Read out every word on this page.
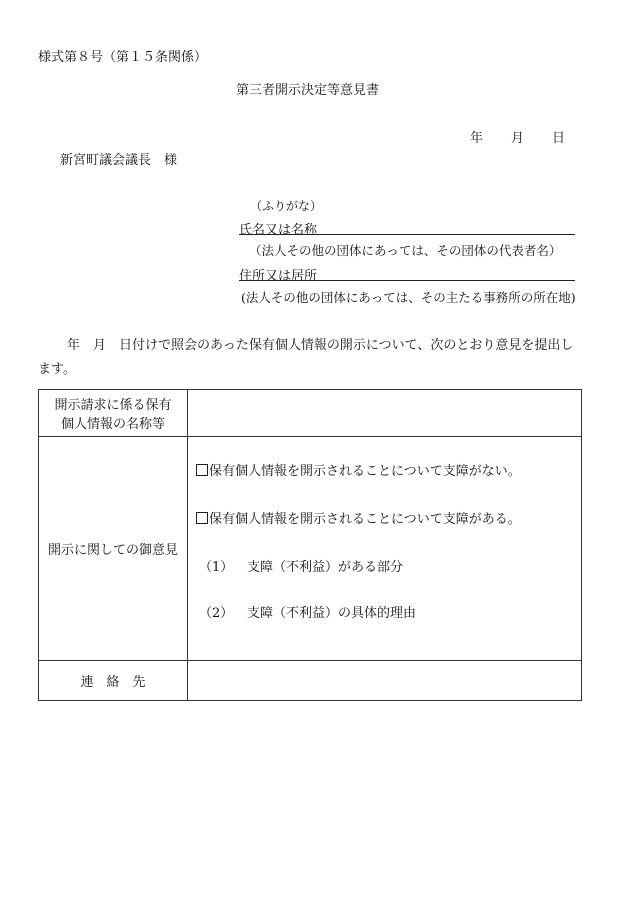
様式第８号（第１５条関係）
第三者開示決定等意見書
年 月 日
新宮町議会議長　様
（ふりがな）
氏名又は名称
（法人その他の団体にあっては、その団体の代表者名）
住所又は居所
(法人その他の団体にあっては、その主たる事務所の所在地)
年　月　日付けで照会のあった保有個人情報の開示について、次のとおり意見を提出します。
開示請求に係る保有
個人情報の名称等	

開示に関しての御意見	保有個人情報を開示されることについて支障がない。
保有個人情報を開示されることについて支障がある。
（1） 支障（不利益）がある部分
（2） 支障（不利益）の具体的理由

連　絡　先	
